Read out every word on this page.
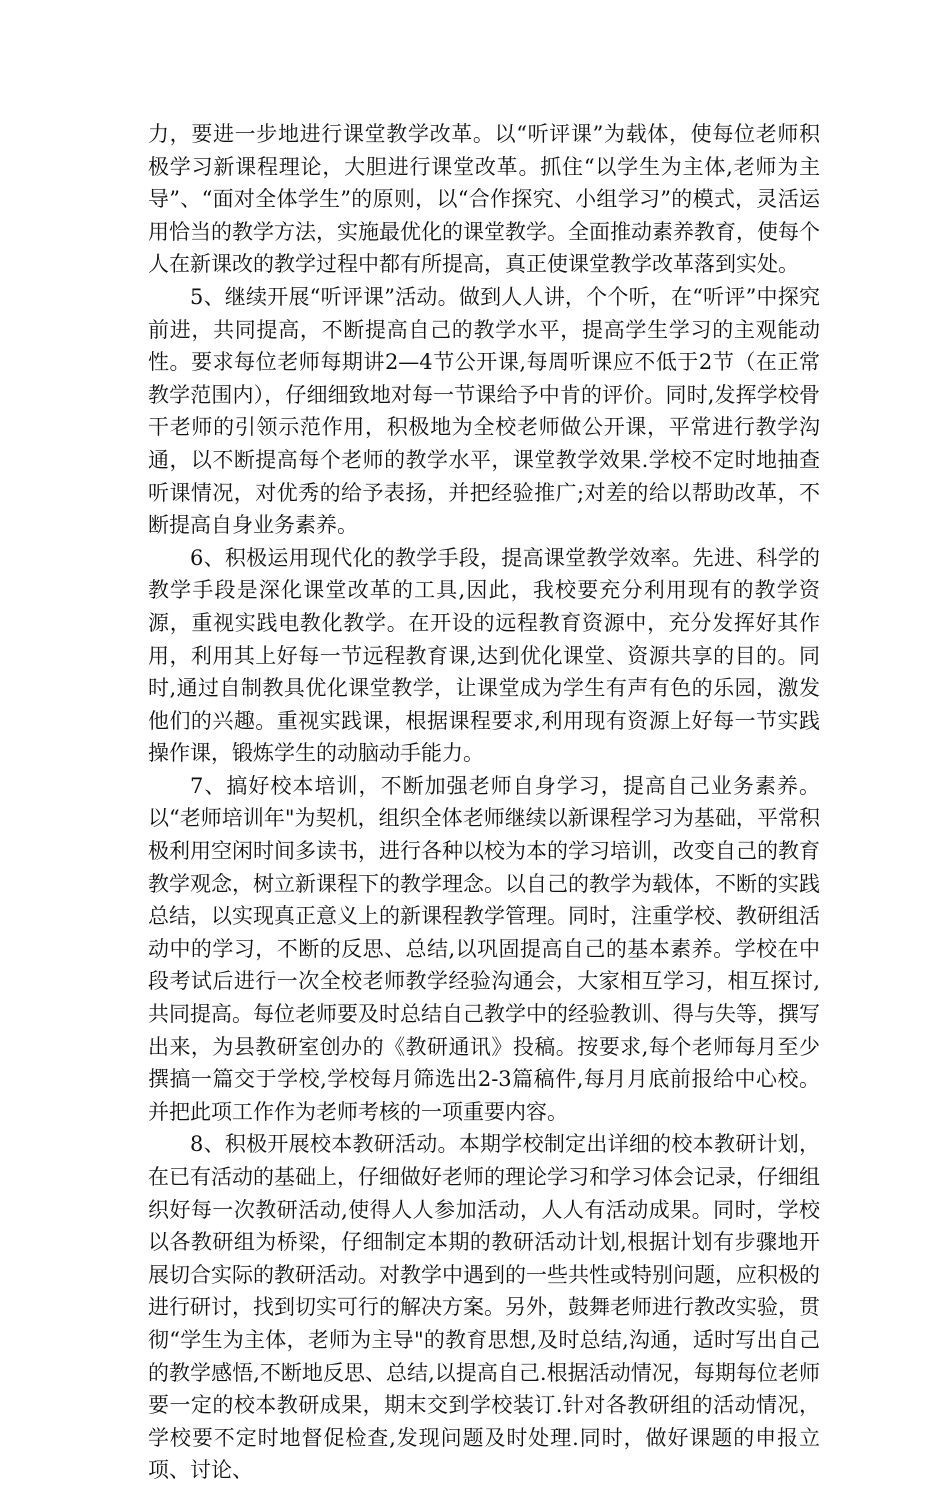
力，要进一步地进行课堂教学改革。以“听评课”为载体，使每位老师积极学习新课程理论，大胆进行课堂改革。抓住“以学生为主体,老师为主导”、“面对全体学生”的原则，以“合作探究、小组学习”的模式，灵活运用恰当的教学方法，实施最优化的课堂教学。全面推动素养教育，使每个人在新课改的教学过程中都有所提高，真正使课堂教学改革落到实处。

5、继续开展“听评课”活动。做到人人讲，个个听，在“听评”中探究前进，共同提高，不断提高自己的教学水平，提高学生学习的主观能动性。要求每位老师每期讲2—4节公开课,每周听课应不低于2节（在正常教学范围内），仔细细致地对每一节课给予中肯的评价。同时,发挥学校骨干老师的引领示范作用，积极地为全校老师做公开课，平常进行教学沟通，以不断提高每个老师的教学水平，课堂教学效果.学校不定时地抽查听课情况，对优秀的给予表扬，并把经验推广;对差的给以帮助改革，不断提高自身业务素养。

6、积极运用现代化的教学手段，提高课堂教学效率。先进、科学的教学手段是深化课堂改革的工具,因此，我校要充分利用现有的教学资源，重视实践电教化教学。在开设的远程教育资源中，充分发挥好其作用，利用其上好每一节远程教育课,达到优化课堂、资源共享的目的。同时,通过自制教具优化课堂教学，让课堂成为学生有声有色的乐园，激发他们的兴趣。重视实践课，根据课程要求,利用现有资源上好每一节实践操作课，锻炼学生的动脑动手能力。

7、搞好校本培训，不断加强老师自身学习，提高自己业务素养。以“老师培训年"为契机，组织全体老师继续以新课程学习为基础，平常积极利用空闲时间多读书，进行各种以校为本的学习培训，改变自己的教育教学观念，树立新课程下的教学理念。以自己的教学为载体，不断的实践总结，以实现真正意义上的新课程教学管理。同时，注重学校、教研组活动中的学习，不断的反思、总结,以巩固提高自己的基本素养。学校在中段考试后进行一次全校老师教学经验沟通会，大家相互学习，相互探讨,共同提高。每位老师要及时总结自己教学中的经验教训、得与失等，撰写出来，为县教研室创办的《教研通讯》投稿。按要求,每个老师每月至少撰搞一篇交于学校,学校每月筛选出2-3篇稿件,每月月底前报给中心校。并把此项工作作为老师考核的一项重要内容。

8、积极开展校本教研活动。本期学校制定出详细的校本教研计划，在已有活动的基础上，仔细做好老师的理论学习和学习体会记录，仔细组织好每一次教研活动,使得人人参加活动，人人有活动成果。同时，学校以各教研组为桥梁，仔细制定本期的教研活动计划,根据计划有步骤地开展切合实际的教研活动。对教学中遇到的一些共性或特别问题，应积极的进行研讨，找到切实可行的解决方案。另外，鼓舞老师进行教改实验，贯彻“学生为主体，老师为主导"的教育思想,及时总结,沟通，适时写出自己的教学感悟,不断地反思、总结,以提高自己.根据活动情况，每期每位老师要一定的校本教研成果，期末交到学校装订.针对各教研组的活动情况，学校要不定时地督促检查,发现问题及时处理.同时，做好课题的申报立项、讨论、
